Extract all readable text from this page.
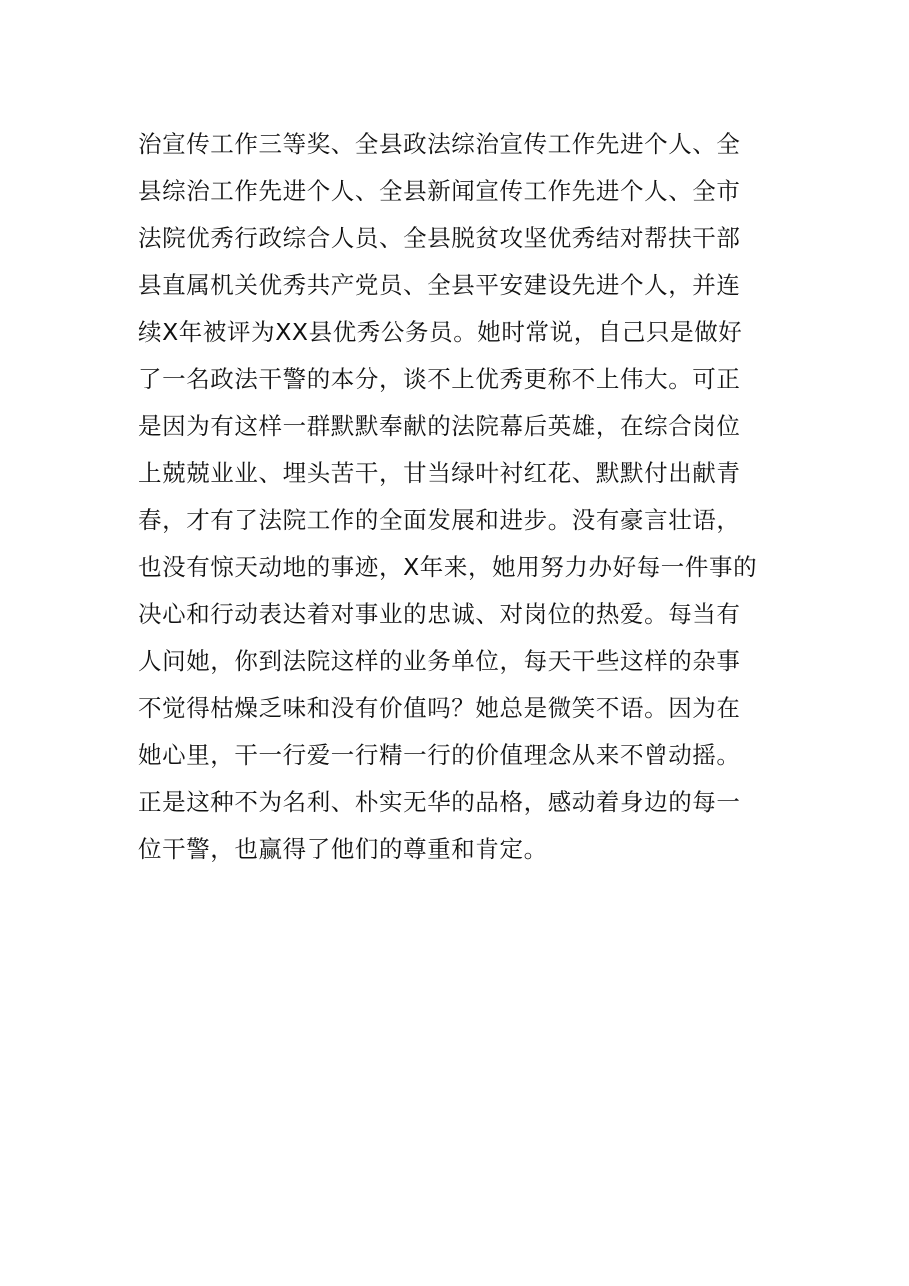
治宣传工作三等奖、全县政法综治宣传工作先进个人、全
县综治工作先进个人、全县新闻宣传工作先进个人、全市
法院优秀行政综合人员、全县脱贫攻坚优秀结对帮扶干部
县直属机关优秀共产党员、全县平安建设先进个人，并连
续X年被评为XX县优秀公务员。她时常说，自己只是做好
了一名政法干警的本分，谈不上优秀更称不上伟大。可正
是因为有这样一群默默奉献的法院幕后英雄，在综合岗位
上兢兢业业、埋头苦干，甘当绿叶衬红花、默默付出献青
春，才有了法院工作的全面发展和进步。没有豪言壮语，
也没有惊天动地的事迹，X年来，她用努力办好每一件事的
决心和行动表达着对事业的忠诚、对岗位的热爱。每当有
人问她，你到法院这样的业务单位，每天干些这样的杂事
不觉得枯燥乏味和没有价值吗？她总是微笑不语。因为在
她心里，干一行爱一行精一行的价值理念从来不曾动摇。
正是这种不为名利、朴实无华的品格，感动着身边的每一
位干警，也赢得了他们的尊重和肯定。
